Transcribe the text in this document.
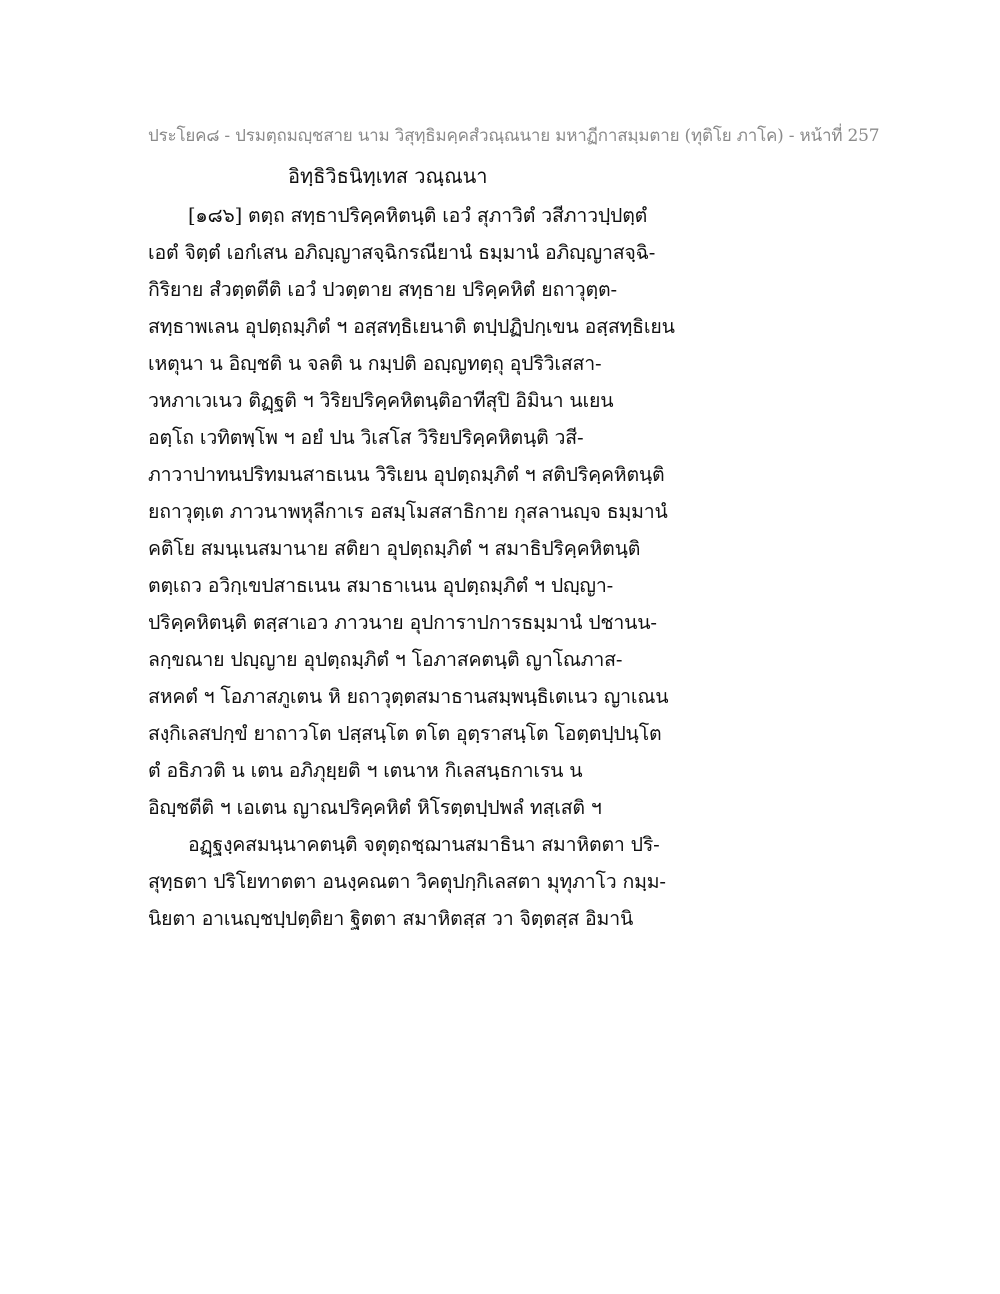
ประโยค๘ - ปรมตฺถมญฺชสาย นาม วิสุทฺธิมคฺคสํวณฺณนาย มหาฏีกาสมฺมตาย (ทุติโย ภาโค) - หน้าที่ 257
อิทฺธิวิธนิทฺเทส วณฺณนา
[๑๘๖] ตตฺถ สทฺธาปริคฺคหิตนฺติ เอวํ สุภาวิตํ วสีภาวปฺปตฺตํ
เอตํ จิตฺตํ เอกํเสน อภิญฺญาสจฺฉิกรณียานํ ธมฺมานํ อภิญฺญาสจฺฉิ-
กิริยาย สํวตฺตตีติ เอวํ ปวตฺตาย สทฺธาย ปริคฺคหิตํ ยถาวุตฺต-
สทฺธาพเลน อุปตฺถมฺภิตํ ฯ อสฺสทฺธิเยนาติ ตปฺปฏิปกฺเขน อสฺสทฺธิเยน
เหตุนา น อิญฺชติ น จลติ น กมฺปติ อญฺญทตฺถุ อุปริวิเสสา-
วหภาเวเนว ติฏฺฐติ ฯ วิริยปริคฺคหิตนฺติอาทีสุปิ อิมินา นเยน
อตฺโถ เวทิตพฺโพ ฯ อยํ ปน วิเสโส วิริยปริคฺคหิตนฺติ วสี-
ภาวาปาทนปริทมนสาธเนน วิริเยน อุปตฺถมฺภิตํ ฯ สติปริคฺคหิตนฺติ
ยถาวุตฺเต ภาวนาพหุลีกาเร อสมฺโมสสาธิกาย กุสลานญฺจ ธมฺมานํ
คติโย สมนฺเนสมานาย สติยา อุปตฺถมฺภิตํ ฯ สมาธิปริคฺคหิตนฺติ
ตตฺเถว อวิกฺเขปสาธเนน สมาธาเนน อุปตฺถมฺภิตํ ฯ ปญฺญา-
ปริคฺคหิตนฺติ ตสฺสาเอว ภาวนาย อุปการาปการธมฺมานํ ปชานน-
ลกฺขณาย ปญฺญาย อุปตฺถมฺภิตํ ฯ โอภาสคตนฺติ ญาโณภาส-
สหคตํ ฯ โอภาสภูเตน หิ ยถาวุตฺตสมาธานสมฺพนฺธิเตเนว ญาเณน
สงฺกิเลสปกฺขํ ยาถาวโต ปสฺสนฺโต ตโต อุตฺราสนฺโต โอตฺตปฺปนฺโต
ตํ อธิภวติ น เตน อภิภุยฺยติ ฯ เตนาห กิเลสนฺธกาเรน น
อิญฺชตีติ ฯ เอเตน ญาณปริคฺคหิตํ หิโรตฺตปฺปพลํ ทสฺเสติ ฯ
อฏฺฐงฺคสมนฺนาคตนฺติ จตุตฺถชฺฌานสมาธินา สมาหิตตา ปริ-
สุทฺธตา ปริโยทาตตา อนงฺคณตา วิคตุปกฺกิเลสตา มุทุภาโว กมฺม-
นิยตา อาเนญฺชปฺปตฺติยา ฐิตตา สมาหิตสฺส วา จิตฺตสฺส อิมานิ
